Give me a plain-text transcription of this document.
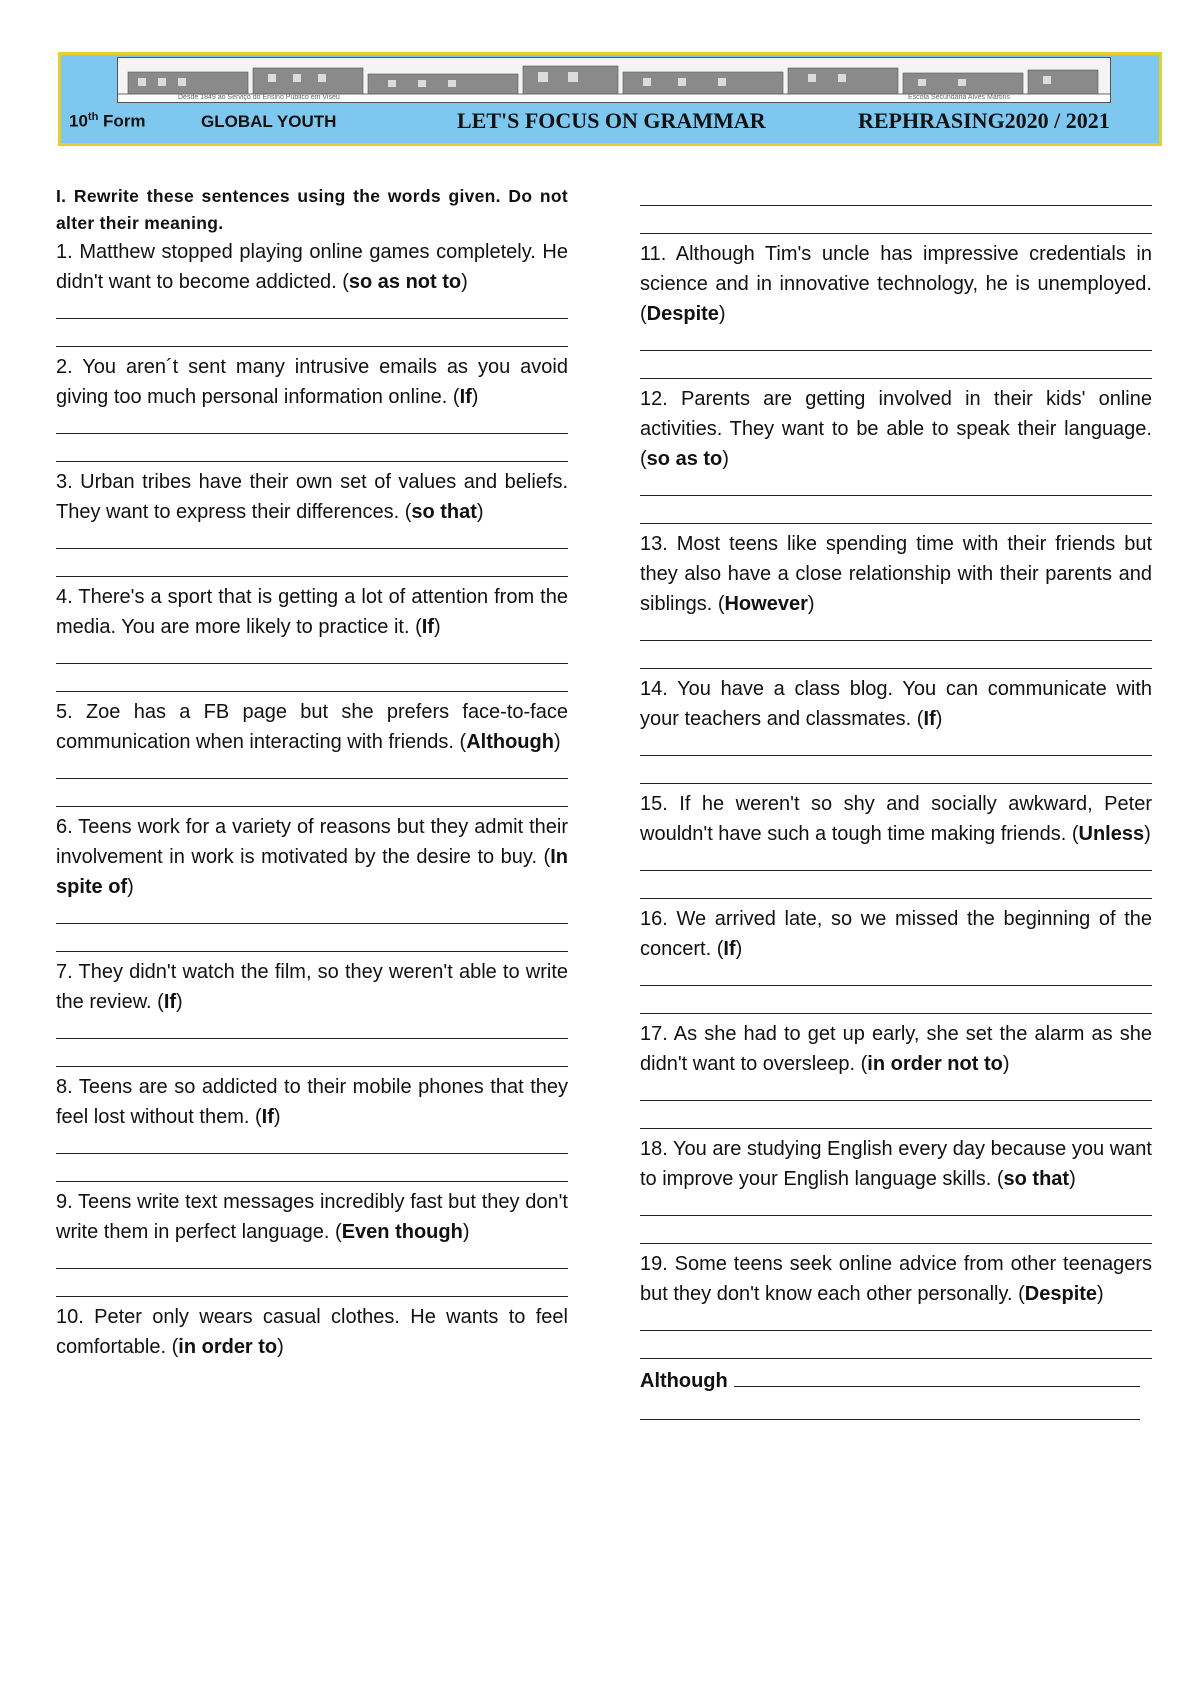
Desde 1849 ao Serviço do Ensino Público em Viseu	Escola Secundária Alves Martins
10th Form	GLOBAL YOUTH	LET'S FOCUS ON GRAMMAR	REPHRASING2020 / 2021

I. Rewrite these sentences using the words given. Do not alter their meaning.

1. Matthew stopped playing online games completely. He didn't want to become addicted. (so as not to)

2. You aren´t sent many intrusive emails as you avoid giving too much personal information online. (If)

3. Urban tribes have their own set of values and beliefs. They want to express their differences. (so that)

4. There's a sport that is getting a lot of attention from the media. You are more likely to practice it. (If)

5. Zoe has a FB page but she prefers face-to-face communication when interacting with friends. (Although)

6. Teens work for a variety of reasons but they admit their involvement in work is motivated by the desire to buy. (In spite of)

7. They didn't watch the film, so they weren't able to write the review. (If)

8. Teens are so addicted to their mobile phones that they feel lost without them. (If)

9. Teens write text messages incredibly fast but they don't write them in perfect language. (Even though)

10. Peter only wears casual clothes. He wants to feel comfortable. (in order to)

11. Although Tim's uncle has impressive credentials in science and in innovative technology, he is unemployed. (Despite)

12. Parents are getting involved in their kids' online activities. They want to be able to speak their language. (so as to)

13. Most teens like spending time with their friends but they also have a close relationship with their parents and siblings. (However)

14. You have a class blog. You can communicate with your teachers and classmates. (If)

15. If he weren't so shy and socially awkward, Peter wouldn't have such a tough time making friends. (Unless)

16. We arrived late, so we missed the beginning of the concert. (If)

17. As she had to get up early, she set the alarm as she didn't want to oversleep. (in order not to)

18. You are studying English every day because you want to improve your English language skills. (so that)

19. Some teens seek online advice from other teenagers but they don't know each other personally. (Despite)

Although
